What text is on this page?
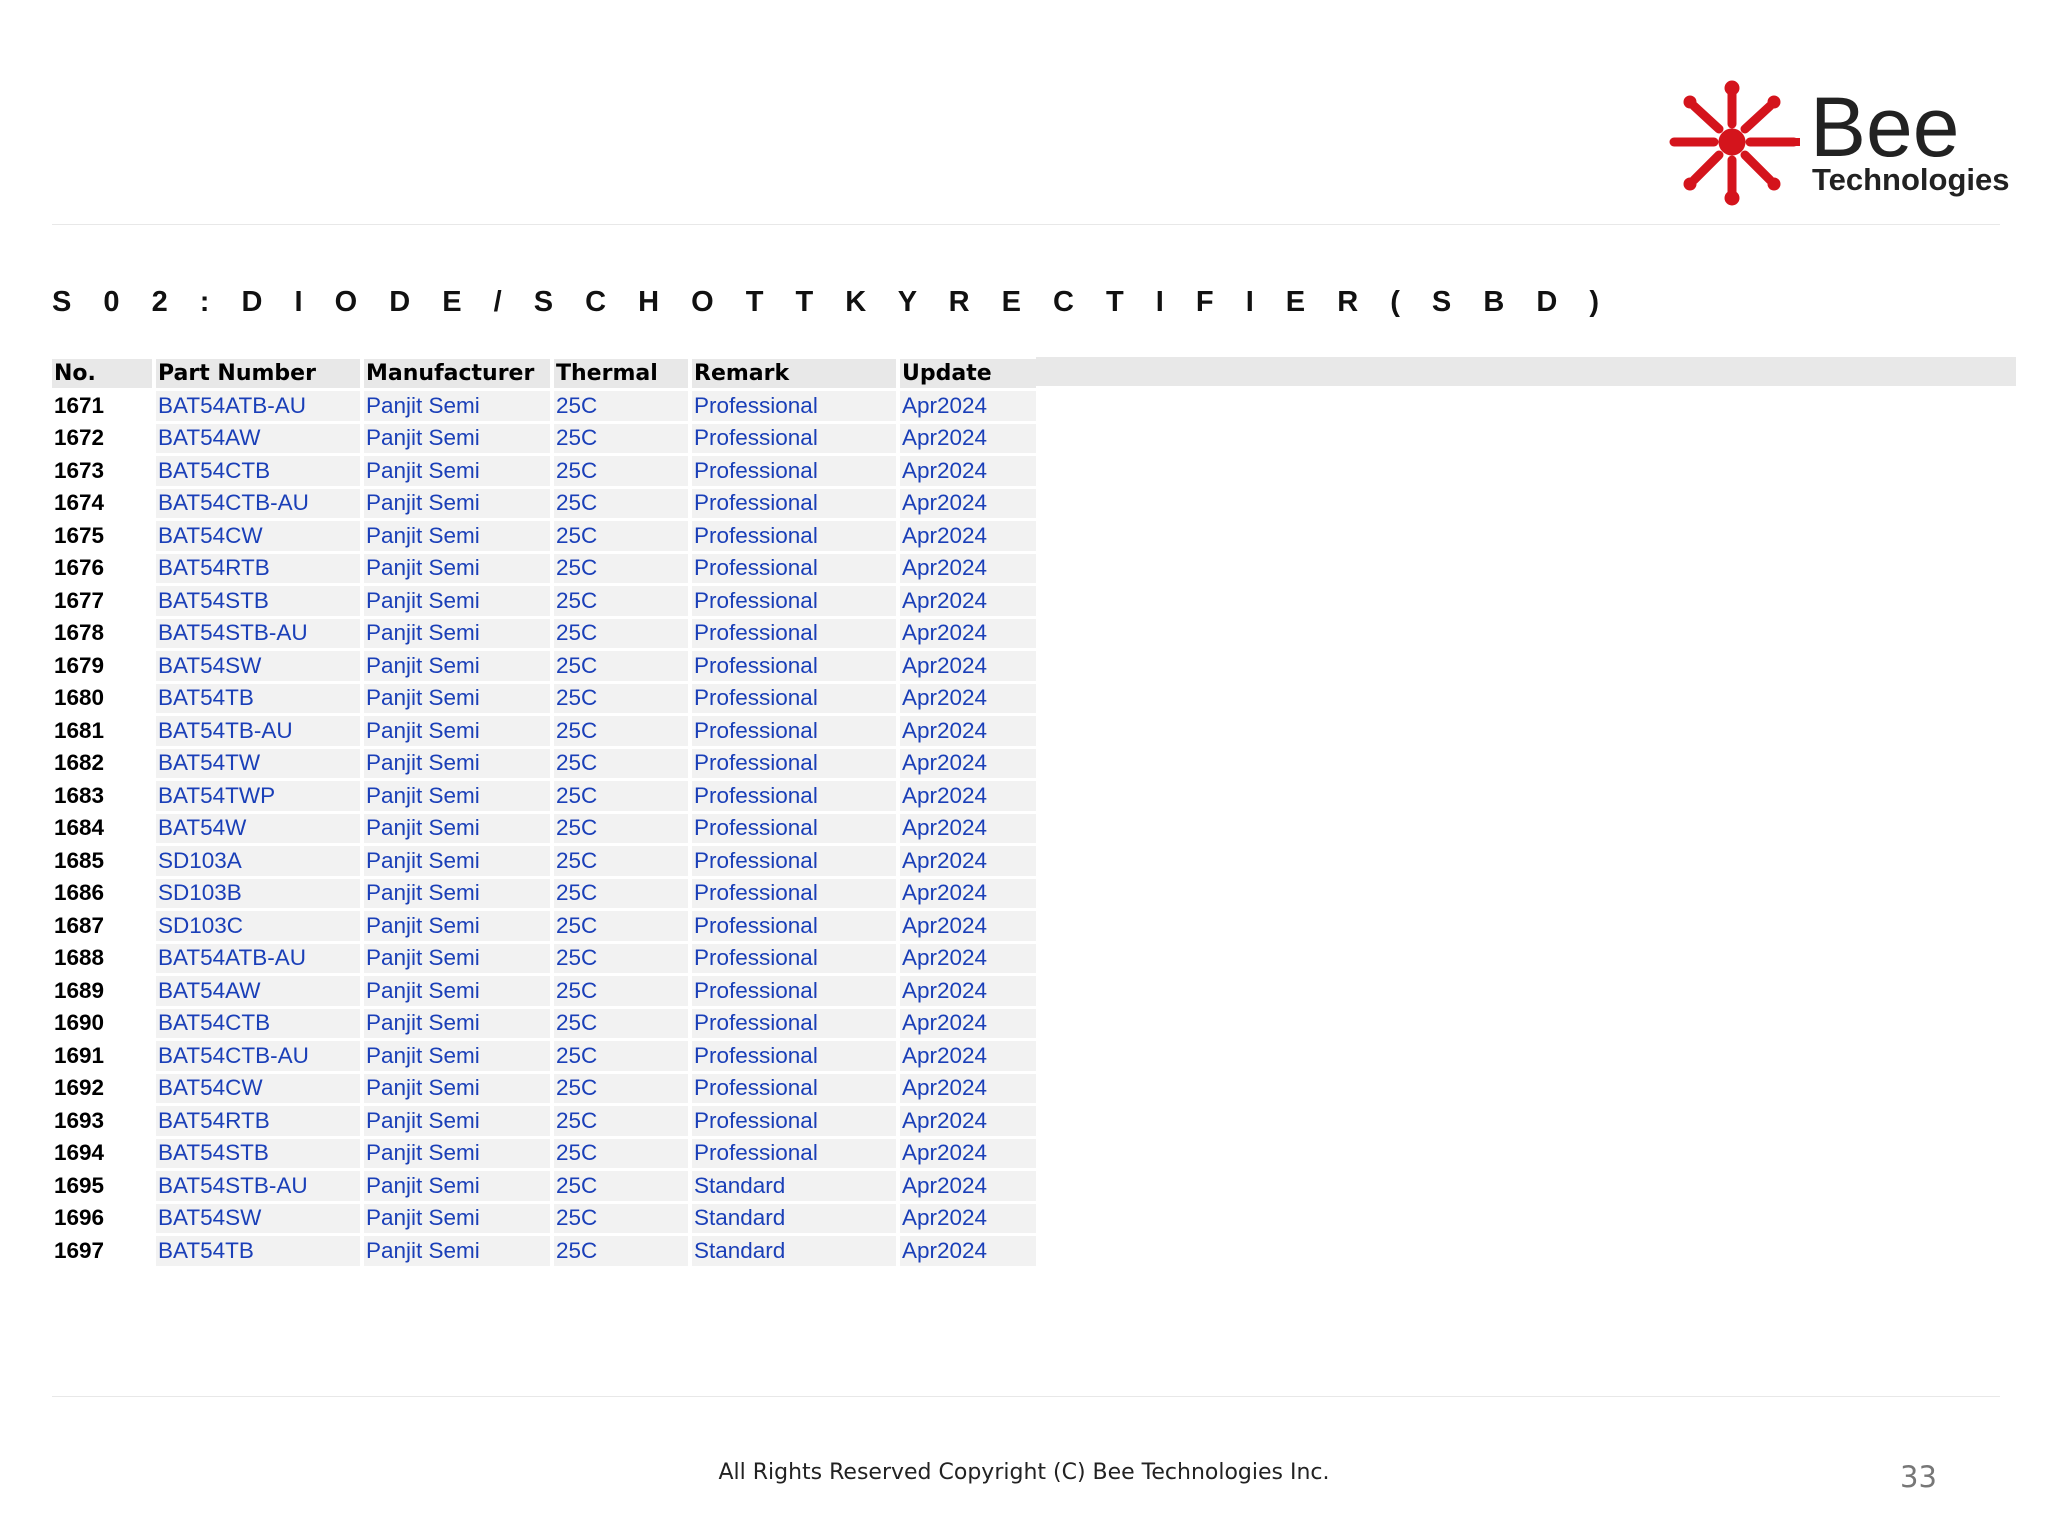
Bee
Technologies
S 0 2 : D I O D E / S C H O T T K Y R E C T I F I E R ( S B D )
No.	Part Number	Manufacturer	Thermal	Remark	Update
1671	BAT54ATB-AU	Panjit Semi	25C	Professional	Apr2024
1672	BAT54AW	Panjit Semi	25C	Professional	Apr2024
1673	BAT54CTB	Panjit Semi	25C	Professional	Apr2024
1674	BAT54CTB-AU	Panjit Semi	25C	Professional	Apr2024
1675	BAT54CW	Panjit Semi	25C	Professional	Apr2024
1676	BAT54RTB	Panjit Semi	25C	Professional	Apr2024
1677	BAT54STB	Panjit Semi	25C	Professional	Apr2024
1678	BAT54STB-AU	Panjit Semi	25C	Professional	Apr2024
1679	BAT54SW	Panjit Semi	25C	Professional	Apr2024
1680	BAT54TB	Panjit Semi	25C	Professional	Apr2024
1681	BAT54TB-AU	Panjit Semi	25C	Professional	Apr2024
1682	BAT54TW	Panjit Semi	25C	Professional	Apr2024
1683	BAT54TWP	Panjit Semi	25C	Professional	Apr2024
1684	BAT54W	Panjit Semi	25C	Professional	Apr2024
1685	SD103A	Panjit Semi	25C	Professional	Apr2024
1686	SD103B	Panjit Semi	25C	Professional	Apr2024
1687	SD103C	Panjit Semi	25C	Professional	Apr2024
1688	BAT54ATB-AU	Panjit Semi	25C	Professional	Apr2024
1689	BAT54AW	Panjit Semi	25C	Professional	Apr2024
1690	BAT54CTB	Panjit Semi	25C	Professional	Apr2024
1691	BAT54CTB-AU	Panjit Semi	25C	Professional	Apr2024
1692	BAT54CW	Panjit Semi	25C	Professional	Apr2024
1693	BAT54RTB	Panjit Semi	25C	Professional	Apr2024
1694	BAT54STB	Panjit Semi	25C	Professional	Apr2024
1695	BAT54STB-AU	Panjit Semi	25C	Standard	Apr2024
1696	BAT54SW	Panjit Semi	25C	Standard	Apr2024
1697	BAT54TB	Panjit Semi	25C	Standard	Apr2024
All Rights Reserved Copyright (C) Bee Technologies Inc.	33
